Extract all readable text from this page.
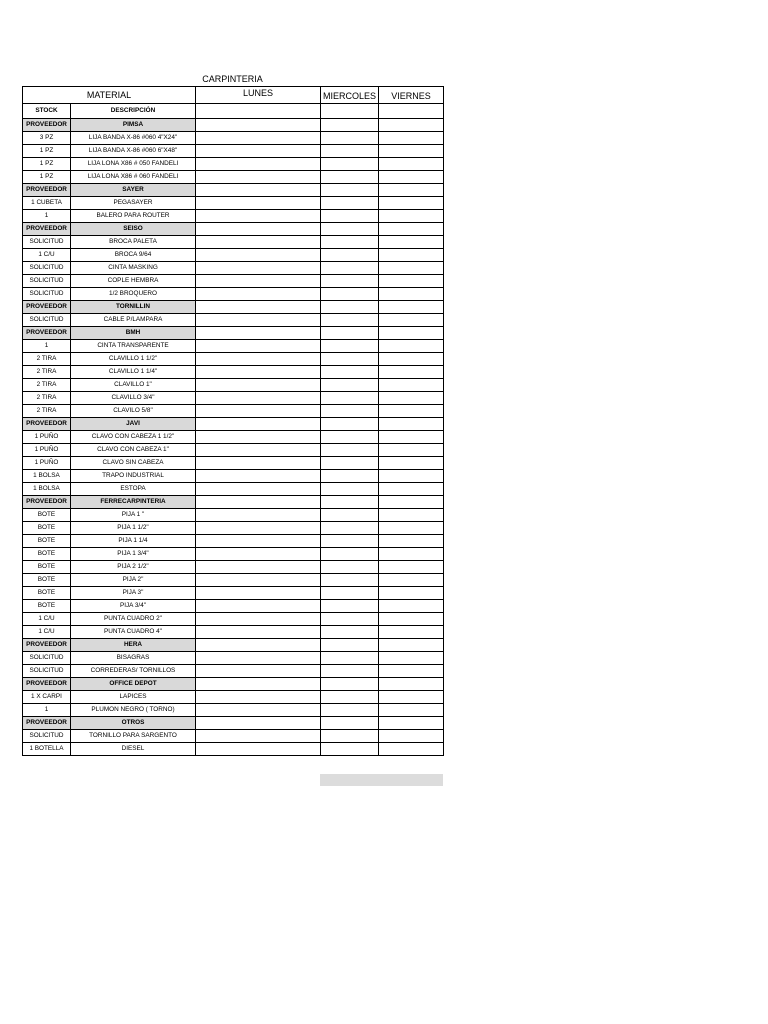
CARPINTERIA
MATERIAL		LUNES	MIERCOLES	VIERNES
STOCK	DESCRIPCIÓN			
PROVEEDOR	PIMSA			
3 PZ	LIJA BANDA X-86 #060 4"X24"			
1 PZ	LIJA BANDA X-86 #060 6"X48"			
1 PZ	LIJA LONA X86 # 050 FANDELI			
1 PZ	LIJA LONA X86 # 060 FANDELI			
PROVEEDOR	SAYER			
1 CUBETA	PEGASAYER			
1	BALERO PARA ROUTER			
PROVEEDOR	SEISO			
SOLICITUD	BROCA PALETA			
1 C/U	BROCA 9/64			
SOLICITUD	CINTA MASKING			
SOLICITUD	COPLE HEMBRA			
SOLICITUD	1/2 BROQUERO			
PROVEEDOR	TORNILLIN			
SOLICITUD	CABLE P/LAMPARA			
PROVEEDOR	BMH			
1	CINTA TRANSPARENTE			
2 TIRA	CLAVILLO 1 1/2"			
2 TIRA	CLAVILLO 1 1/4"			
2 TIRA	CLAVILLO 1"			
2 TIRA	CLAVILLO 3/4"			
2 TIRA	CLAVILO 5/8"			
PROVEEDOR	JAVI			
1 PUÑO	CLAVO CON CABEZA 1 1/2"			
1 PUÑO	CLAVO CON CABEZA 1"			
1 PUÑO	CLAVO SIN CABEZA			
1 BOLSA	TRAPO INDUSTRIAL			
1 BOLSA	ESTOPA			
PROVEEDOR	FERRECARPINTERIA			
BOTE	PIJA 1 "			
BOTE	PIJA 1 1/2"			
BOTE	PIJA 1 1/4			
BOTE	PIJA 1 3/4"			
BOTE	PIJA 2 1/2"			
BOTE	PIJA 2"			
BOTE	PIJA 3"			
BOTE	PIJA 3/4"			
1 C/U	PUNTA CUADRO 2"			
1 C/U	PUNTA CUADRO 4"			
PROVEEDOR	HERA			
SOLICITUD	BISAGRAS			
SOLICITUD	CORREDERAS/ TORNILLOS			
PROVEEDOR	OFFICE DEPOT			
1 X CARPI	LAPICES			
1	PLUMON NEGRO ( TORNO)			
PROVEEDOR	OTROS			
SOLICITUD	TORNILLO PARA SARGENTO			
1 BOTELLA	DIESEL			
